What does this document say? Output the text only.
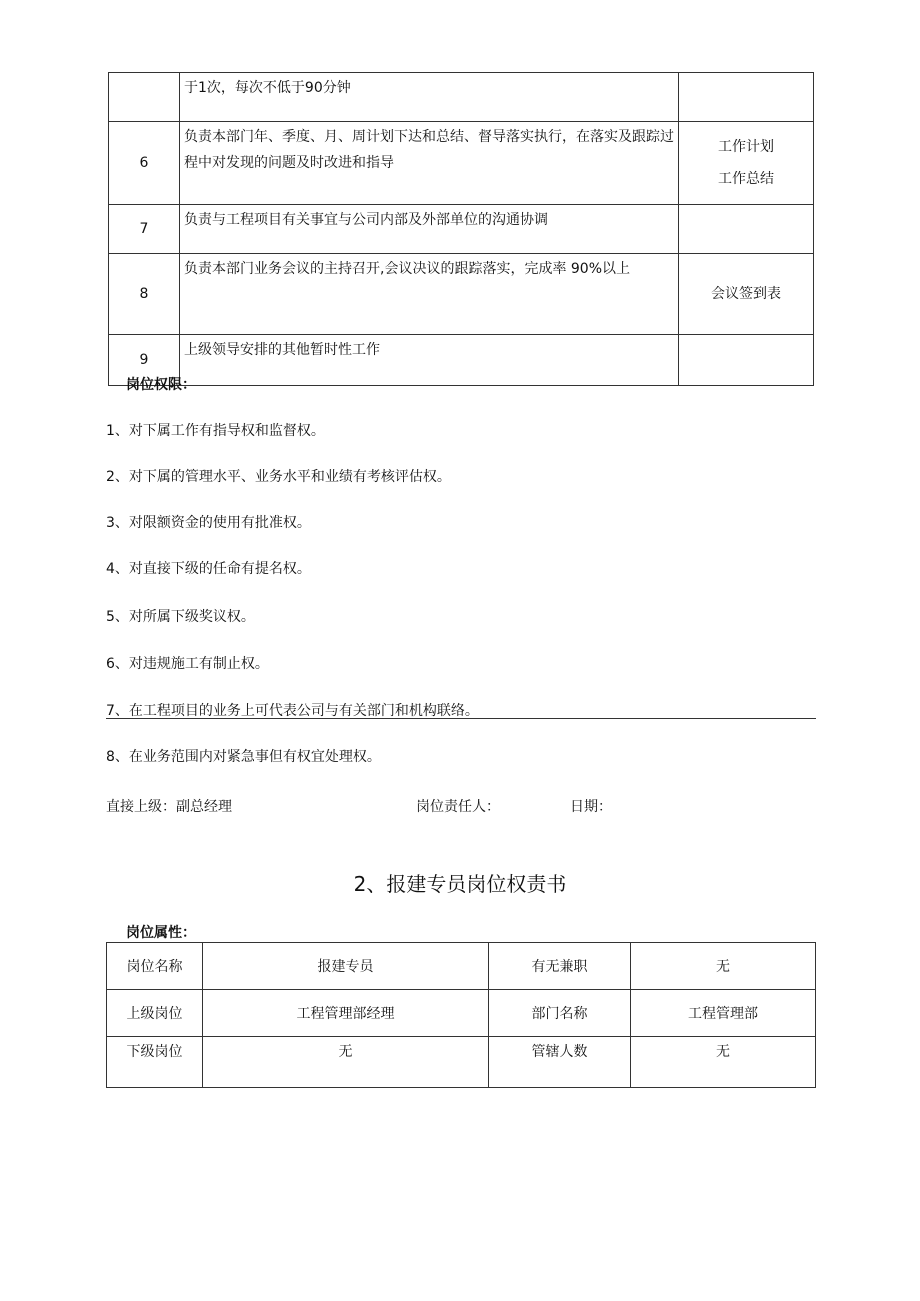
	于1次，每次不低于90分钟	
6	负责本部门年、季度、月、周计划下达和总结、督导落实执行，在落实及跟踪过程中对发现的问题及时改进和指导	工作计划
工作总结

7	负责与工程项目有关事宜与公司内部及外部单位的沟通协调	
8	负责本部门业务会议的主持召开,会议决议的跟踪落实，完成率 90%以上	会议签到表
9	上级领导安排的其他暂时性工作	
岗位权限：
1、对下属工作有指导权和监督权。
2、对下属的管理水平、业务水平和业绩有考核评估权。
3、对限额资金的使用有批准权。
4、对直接下级的任命有提名权。
5、对所属下级奖议权。
6、对违规施工有制止权。
7、在工程项目的业务上可代表公司与有关部门和机构联络。
8、在业务范围内对紧急事但有权宜处理权。
直接上级：副总经理	岗位责任人：	日期：
2、报建专员岗位权责书
岗位属性：
岗位名称	报建专员	有无兼职	无
上级岗位	工程管理部经理	部门名称	工程管理部
下级岗位	无	管辖人数	无
